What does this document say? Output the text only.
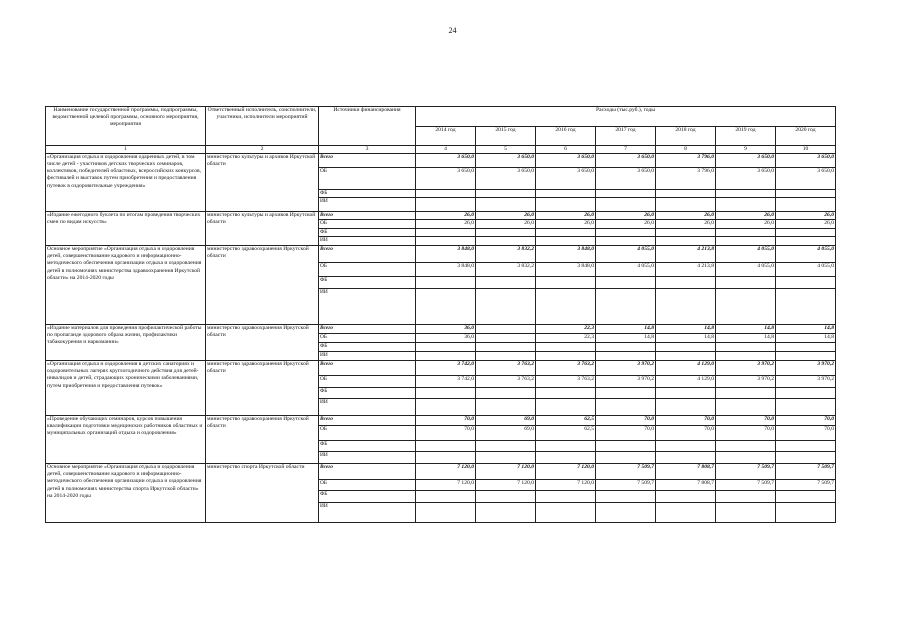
24
Наименование государственной программы, подпрограммы, ведомственной целевой программы, основного мероприятия, мероприятия	Ответственный исполнитель, соисполнители, участники, исполнители мероприятий	Источники финансирования	Расходы (тыс.руб.), годы						
			2014 год	2015 год	2016 год	2017 год	2018 год	2019 год	2020 год
1	2	3	4	5	6	7	8	9	10
«Организация отдыха и оздоровления одаренных детей, в том числе детей - участников детских творческих семинаров, коллективов, победителей областных, всероссийских конкурсов, фестивалей и выставок путем приобретения и предоставления путевок в оздоровительные учреждения»	министерство культуры и архивов Иркутской области	Всего	3 650,0	3 650,0	3 650,0	3 650,0	3 796,0	3 650,0	3 650,0
		ОБ	3 650,0	3 650,0	3 650,0	3 650,0	3 796,0	3 650,0	3 650,0
		ФБ							
		ИИ							
«Издание ежегодного буклета по итогам проведения творческих смен по видам искусств»	министерство культуры и архивов Иркутской области	Всего	26,0	26,0	26,0	26,0	26,0	26,0	26,0
		ОБ	26,0	26,0	26,0	26,0	26,0	26,0	26,0
		ФБ							
		ИИ							
Основное мероприятие «Организация отдыха и оздоровления детей, совершенствование кадрового и информационно-методического обеспечения организации отдыха и оздоровления детей в полномочиях министерства здравоохранения Иркутской области» на 2014-2020 годы	министерство здравоохранения Иркутской области	Всего	3 848,0	3 832,2	3 848,0	4 055,0	4 213,8	4 055,0	4 055,0
		ОБ	3 848,0	3 832,2	3 848,0	4 055,0	4 213,8	4 055,0	4 055,0
		ФБ							
		ИИ							
«Издание материалов для проведения профилактической работы по пропаганде здорового образа жизни, профилактики табакокурения и наркомании»	министерство здравоохранения Иркутской области	Всего	36,0		22,3	14,8	14,8	14,8	14,8
		ОБ	36,0		22,3	14,8	14,8	14,8	14,8
		ФБ							
		ИИ							
«Организация отдыха и оздоровления в детских санаториях и оздоровительных лагерях круглогодичного действия для детей-инвалидов и детей, страдающих хроническими заболеваниями, путем приобретения и предоставления путевок»	министерство здравоохранения Иркутской области	Всего	3 742,0	3 763,2	3 763,2	3 970,2	4 129,0	3 970,2	3 970,2
		ОБ	3 742,0	3 763,2	3 763,2	3 970,2	4 129,0	3 970,2	3 970,2
		ФБ							
		ИИ							
«Проведение обучающих семинаров, курсов повышения квалификации подготовки медицинских работников областных и муниципальных организаций отдыха и оздоровления»	министерство здравоохранения Иркутской области	Всего	70,0	69,0	62,5	70,0	70,0	70,0	70,0
		ОБ	70,0	69,0	62,5	70,0	70,0	70,0	70,0
		ФБ							
		ИИ							
Основное мероприятие «Организация отдыха и оздоровления детей, совершенствование кадрового и информационно-методического обеспечения организации отдыха и оздоровления детей в полномочиях министерства спорта Иркутской области» на 2014-2020 годы	министерство спорта Иркутской области	Всего	7 120,0	7 120,0	7 120,0	7 509,7	7 808,7	7 509,7	7 509,7
		ОБ	7 120,0	7 120,0	7 120,0	7 509,7	7 808,7	7 509,7	7 509,7
		ФБ							
		ИИ							
